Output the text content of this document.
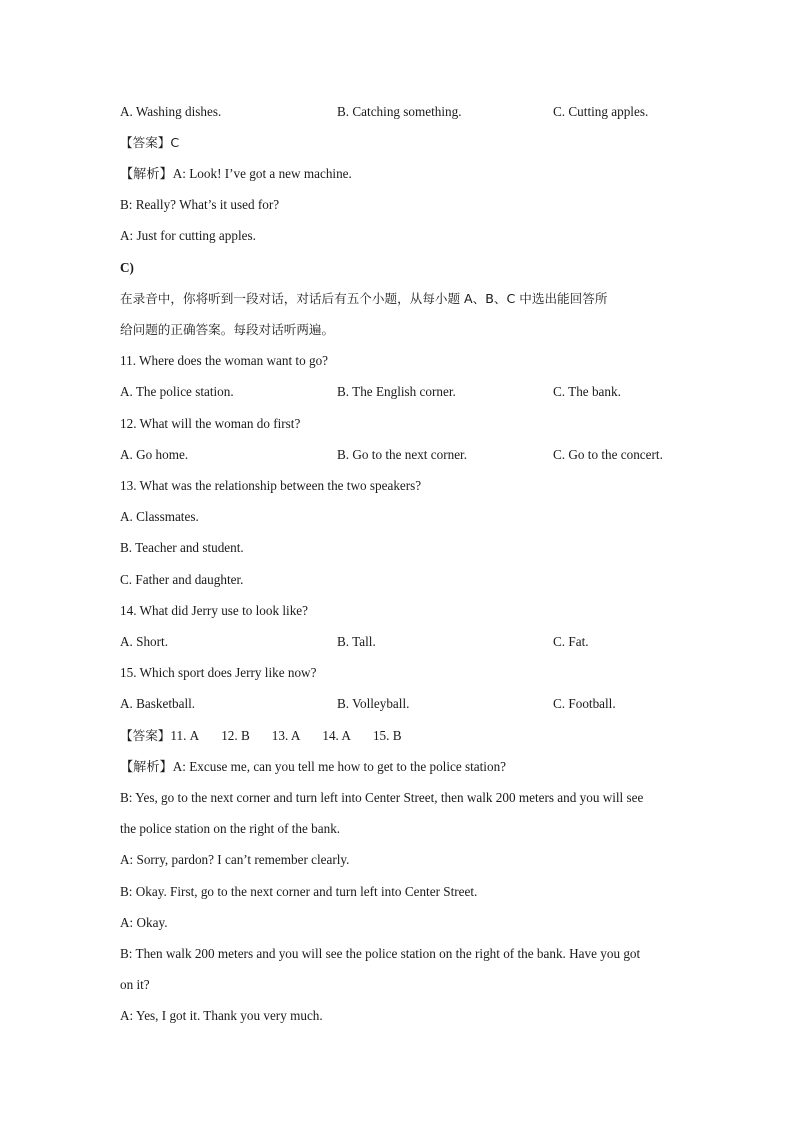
A. Washing dishes.	B. Catching something.	C. Cutting apples.
【答案】C
【解析】A: Look! I’ve got a new machine.
B: Really? What’s it used for?
A: Just for cutting apples.
C)
在录音中，你将听到一段对话，对话后有五个小题，从每小题 A、B、C 中选出能回答所
给问题的正确答案。每段对话听两遍。
11. Where does the woman want to go?
A. The police station.	B. The English corner.	C. The bank.
12. What will the woman do first?
A. Go home.	B. Go to the next corner.	C. Go to the concert.
13. What was the relationship between the two speakers?
A. Classmates.
B. Teacher and student.
C. Father and daughter.
14. What did Jerry use to look like?
A. Short.	B. Tall.	C. Fat.
15. Which sport does Jerry like now?
A. Basketball.	B. Volleyball.	C. Football.
【答案】11. A 12. B 13. A 14. A 15. B
【解析】A: Excuse me, can you tell me how to get to the police station?
B: Yes, go to the next corner and turn left into Center Street, then walk 200 meters and you will see
the police station on the right of the bank.
A: Sorry, pardon? I can’t remember clearly.
B: Okay. First, go to the next corner and turn left into Center Street.
A: Okay.
B: Then walk 200 meters and you will see the police station on the right of the bank. Have you got
on it?
A: Yes, I got it. Thank you very much.
